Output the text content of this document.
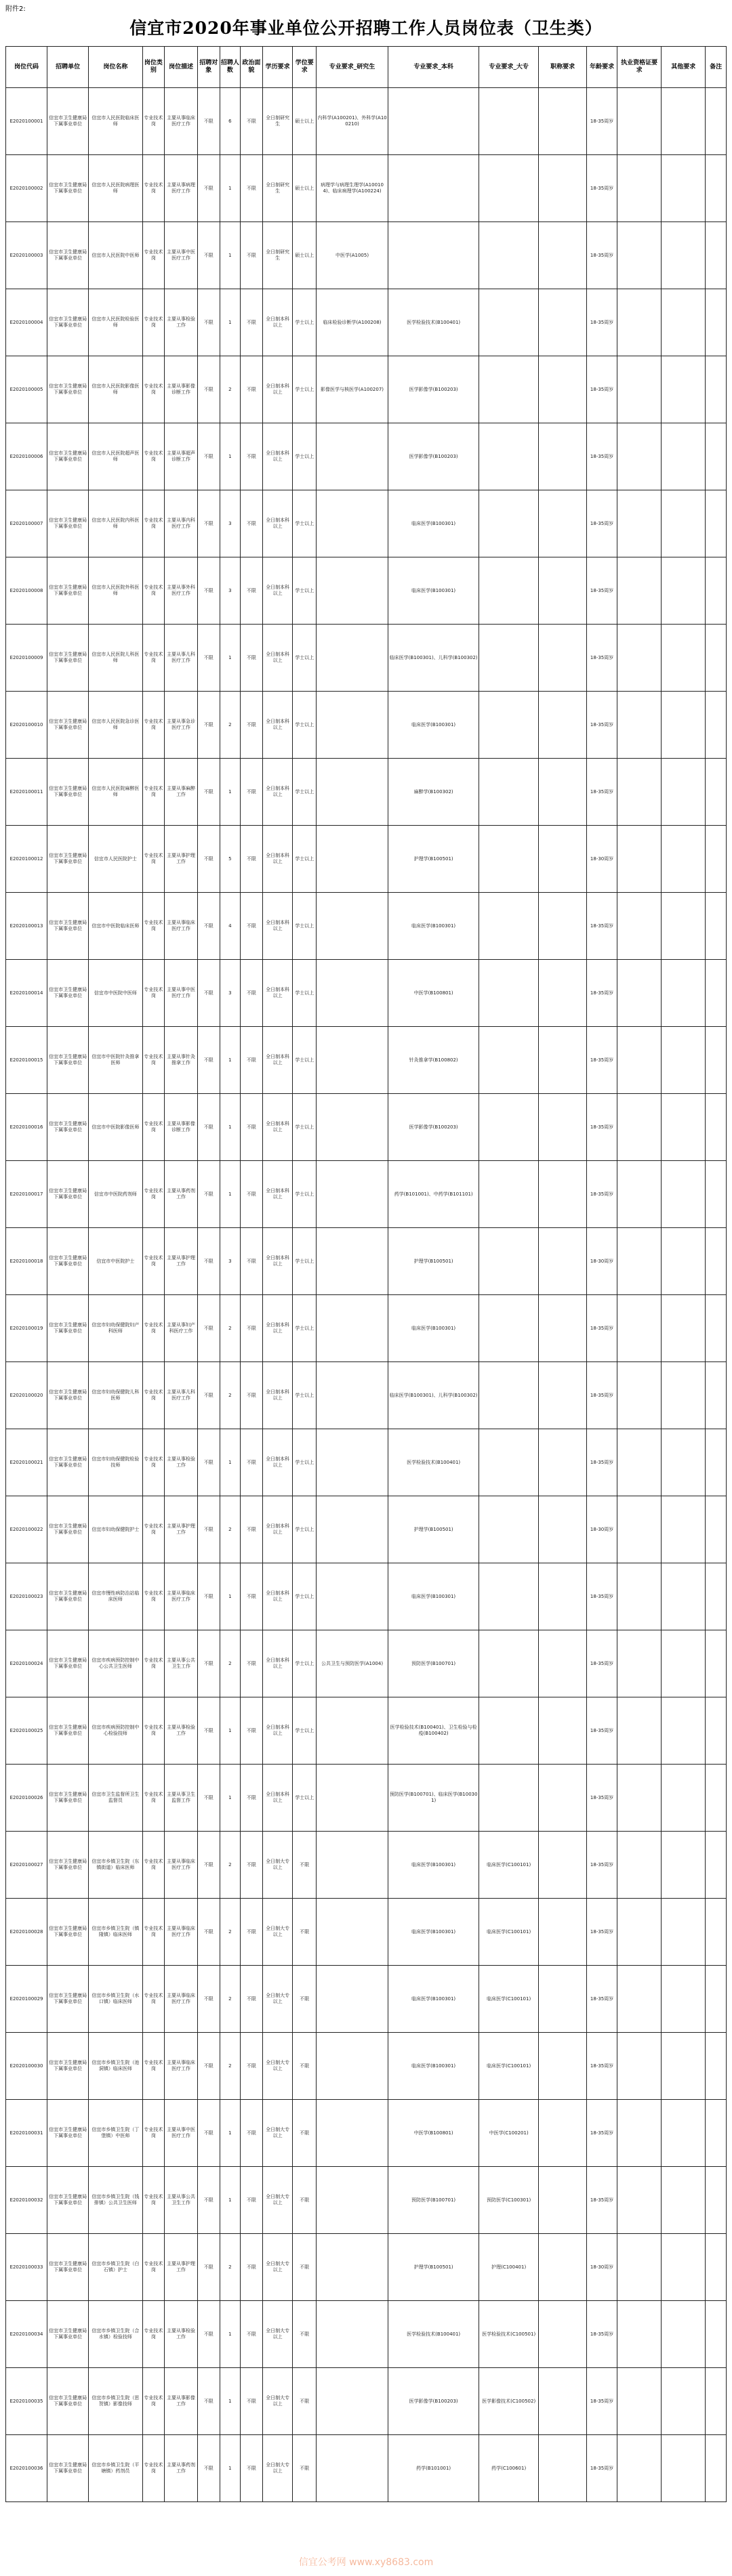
附件2:
信宜市2020年事业单位公开招聘工作人员岗位表（卫生类）
岗位代码	招聘单位	岗位名称	岗位类别	岗位描述	招聘对象	招聘人数	政治面貌	学历要求	学位要求	专业要求_研究生	专业要求_本科	专业要求_大专	职称要求	年龄要求	执业资格证要求	其他要求	备注
E2020100001	信宜市卫生健康局下属事业单位	信宜市人民医院临床医师	专业技术岗	主要从事临床医疗工作	不限	6	不限	全日制研究生	硕士以上	内科学(A100201)、外科学(A100210)				18-35周岁			
E2020100002	信宜市卫生健康局下属事业单位	信宜市人民医院病理医师	专业技术岗	主要从事病理医疗工作	不限	1	不限	全日制研究生	硕士以上	病理学与病理生理学(A100104)、临床病理学(A100224)				18-35周岁			
E2020100003	信宜市卫生健康局下属事业单位	信宜市人民医院中医师	专业技术岗	主要从事中医医疗工作	不限	1	不限	全日制研究生	硕士以上	中医学(A1005)				18-35周岁			
E2020100004	信宜市卫生健康局下属事业单位	信宜市人民医院检验医师	专业技术岗	主要从事检验工作	不限	1	不限	全日制本科以上	学士以上	临床检验诊断学(A100208)	医学检验技术(B100401)			18-35周岁			
E2020100005	信宜市卫生健康局下属事业单位	信宜市人民医院影像医师	专业技术岗	主要从事影像诊断工作	不限	2	不限	全日制本科以上	学士以上	影像医学与核医学(A100207)	医学影像学(B100203)			18-35周岁			
E2020100006	信宜市卫生健康局下属事业单位	信宜市人民医院超声医师	专业技术岗	主要从事超声诊断工作	不限	1	不限	全日制本科以上	学士以上		医学影像学(B100203)			18-35周岁			
E2020100007	信宜市卫生健康局下属事业单位	信宜市人民医院内科医师	专业技术岗	主要从事内科医疗工作	不限	3	不限	全日制本科以上	学士以上		临床医学(B100301)			18-35周岁			
E2020100008	信宜市卫生健康局下属事业单位	信宜市人民医院外科医师	专业技术岗	主要从事外科医疗工作	不限	3	不限	全日制本科以上	学士以上		临床医学(B100301)			18-35周岁			
E2020100009	信宜市卫生健康局下属事业单位	信宜市人民医院儿科医师	专业技术岗	主要从事儿科医疗工作	不限	1	不限	全日制本科以上	学士以上		临床医学(B100301)、儿科学(B100302)			18-35周岁			
E2020100010	信宜市卫生健康局下属事业单位	信宜市人民医院急诊医师	专业技术岗	主要从事急诊医疗工作	不限	2	不限	全日制本科以上	学士以上		临床医学(B100301)			18-35周岁			
E2020100011	信宜市卫生健康局下属事业单位	信宜市人民医院麻醉医师	专业技术岗	主要从事麻醉工作	不限	1	不限	全日制本科以上	学士以上		麻醉学(B100302)			18-35周岁			
E2020100012	信宜市卫生健康局下属事业单位	信宜市人民医院护士	专业技术岗	主要从事护理工作	不限	5	不限	全日制本科以上	学士以上		护理学(B100501)			18-30周岁			
E2020100013	信宜市卫生健康局下属事业单位	信宜市中医院临床医师	专业技术岗	主要从事临床医疗工作	不限	4	不限	全日制本科以上	学士以上		临床医学(B100301)			18-35周岁			
E2020100014	信宜市卫生健康局下属事业单位	信宜市中医院中医师	专业技术岗	主要从事中医医疗工作	不限	3	不限	全日制本科以上	学士以上		中医学(B100801)			18-35周岁			
E2020100015	信宜市卫生健康局下属事业单位	信宜市中医院针灸推拿医师	专业技术岗	主要从事针灸推拿工作	不限	1	不限	全日制本科以上	学士以上		针灸推拿学(B100802)			18-35周岁			
E2020100016	信宜市卫生健康局下属事业单位	信宜市中医院影像医师	专业技术岗	主要从事影像诊断工作	不限	1	不限	全日制本科以上	学士以上		医学影像学(B100203)			18-35周岁			
E2020100017	信宜市卫生健康局下属事业单位	信宜市中医院药剂师	专业技术岗	主要从事药剂工作	不限	1	不限	全日制本科以上	学士以上		药学(B101001)、中药学(B101101)			18-35周岁			
E2020100018	信宜市卫生健康局下属事业单位	信宜市中医院护士	专业技术岗	主要从事护理工作	不限	3	不限	全日制本科以上	学士以上		护理学(B100501)			18-30周岁			
E2020100019	信宜市卫生健康局下属事业单位	信宜市妇幼保健院妇产科医师	专业技术岗	主要从事妇产科医疗工作	不限	2	不限	全日制本科以上	学士以上		临床医学(B100301)			18-35周岁			
E2020100020	信宜市卫生健康局下属事业单位	信宜市妇幼保健院儿科医师	专业技术岗	主要从事儿科医疗工作	不限	2	不限	全日制本科以上	学士以上		临床医学(B100301)、儿科学(B100302)			18-35周岁			
E2020100021	信宜市卫生健康局下属事业单位	信宜市妇幼保健院检验技师	专业技术岗	主要从事检验工作	不限	1	不限	全日制本科以上	学士以上		医学检验技术(B100401)			18-35周岁			
E2020100022	信宜市卫生健康局下属事业单位	信宜市妇幼保健院护士	专业技术岗	主要从事护理工作	不限	2	不限	全日制本科以上	学士以上		护理学(B100501)			18-30周岁			
E2020100023	信宜市卫生健康局下属事业单位	信宜市慢性病防治站临床医师	专业技术岗	主要从事临床医疗工作	不限	1	不限	全日制本科以上	学士以上		临床医学(B100301)			18-35周岁			
E2020100024	信宜市卫生健康局下属事业单位	信宜市疾病预防控制中心公共卫生医师	专业技术岗	主要从事公共卫生工作	不限	2	不限	全日制本科以上	学士以上	公共卫生与预防医学(A1004)	预防医学(B100701)			18-35周岁			
E2020100025	信宜市卫生健康局下属事业单位	信宜市疾病预防控制中心检验技师	专业技术岗	主要从事检验工作	不限	1	不限	全日制本科以上	学士以上		医学检验技术(B100401)、卫生检验与检疫(B100402)			18-35周岁			
E2020100026	信宜市卫生健康局下属事业单位	信宜市卫生监督所卫生监督员	专业技术岗	主要从事卫生监督工作	不限	1	不限	全日制本科以上	学士以上		预防医学(B100701)、临床医学(B100301)			18-35周岁			
E2020100027	信宜市卫生健康局下属事业单位	信宜市乡镇卫生院（东镇街道）临床医师	专业技术岗	主要从事临床医疗工作	不限	2	不限	全日制大专以上	不限		临床医学(B100301)	临床医学(C100101)		18-35周岁			
E2020100028	信宜市卫生健康局下属事业单位	信宜市乡镇卫生院（镇隆镇）临床医师	专业技术岗	主要从事临床医疗工作	不限	2	不限	全日制大专以上	不限		临床医学(B100301)	临床医学(C100101)		18-35周岁			
E2020100029	信宜市卫生健康局下属事业单位	信宜市乡镇卫生院（水口镇）临床医师	专业技术岗	主要从事临床医疗工作	不限	2	不限	全日制大专以上	不限		临床医学(B100301)	临床医学(C100101)		18-35周岁			
E2020100030	信宜市卫生健康局下属事业单位	信宜市乡镇卫生院（池洞镇）临床医师	专业技术岗	主要从事临床医疗工作	不限	2	不限	全日制大专以上	不限		临床医学(B100301)	临床医学(C100101)		18-35周岁			
E2020100031	信宜市卫生健康局下属事业单位	信宜市乡镇卫生院（丁堡镇）中医师	专业技术岗	主要从事中医医疗工作	不限	1	不限	全日制大专以上	不限		中医学(B100801)	中医学(C100201)		18-35周岁			
E2020100032	信宜市卫生健康局下属事业单位	信宜市乡镇卫生院（钱排镇）公共卫生医师	专业技术岗	主要从事公共卫生工作	不限	1	不限	全日制大专以上	不限		预防医学(B100701)	预防医学(C100301)		18-35周岁			
E2020100033	信宜市卫生健康局下属事业单位	信宜市乡镇卫生院（白石镇）护士	专业技术岗	主要从事护理工作	不限	2	不限	全日制大专以上	不限		护理学(B100501)	护理(C100401)		18-30周岁			
E2020100034	信宜市卫生健康局下属事业单位	信宜市乡镇卫生院（合水镇）检验技师	专业技术岗	主要从事检验工作	不限	1	不限	全日制大专以上	不限		医学检验技术(B100401)	医学检验技术(C100501)		18-35周岁			
E2020100035	信宜市卫生健康局下属事业单位	信宜市乡镇卫生院（思贺镇）影像技师	专业技术岗	主要从事影像工作	不限	1	不限	全日制大专以上	不限		医学影像学(B100203)	医学影像技术(C100502)		18-35周岁			
E2020100036	信宜市卫生健康局下属事业单位	信宜市乡镇卫生院（平塘镇）药剂员	专业技术岗	主要从事药剂工作	不限	1	不限	全日制大专以上	不限		药学(B101001)	药学(C100601)		18-35周岁			
信宜公考网 www.xy8683.com
